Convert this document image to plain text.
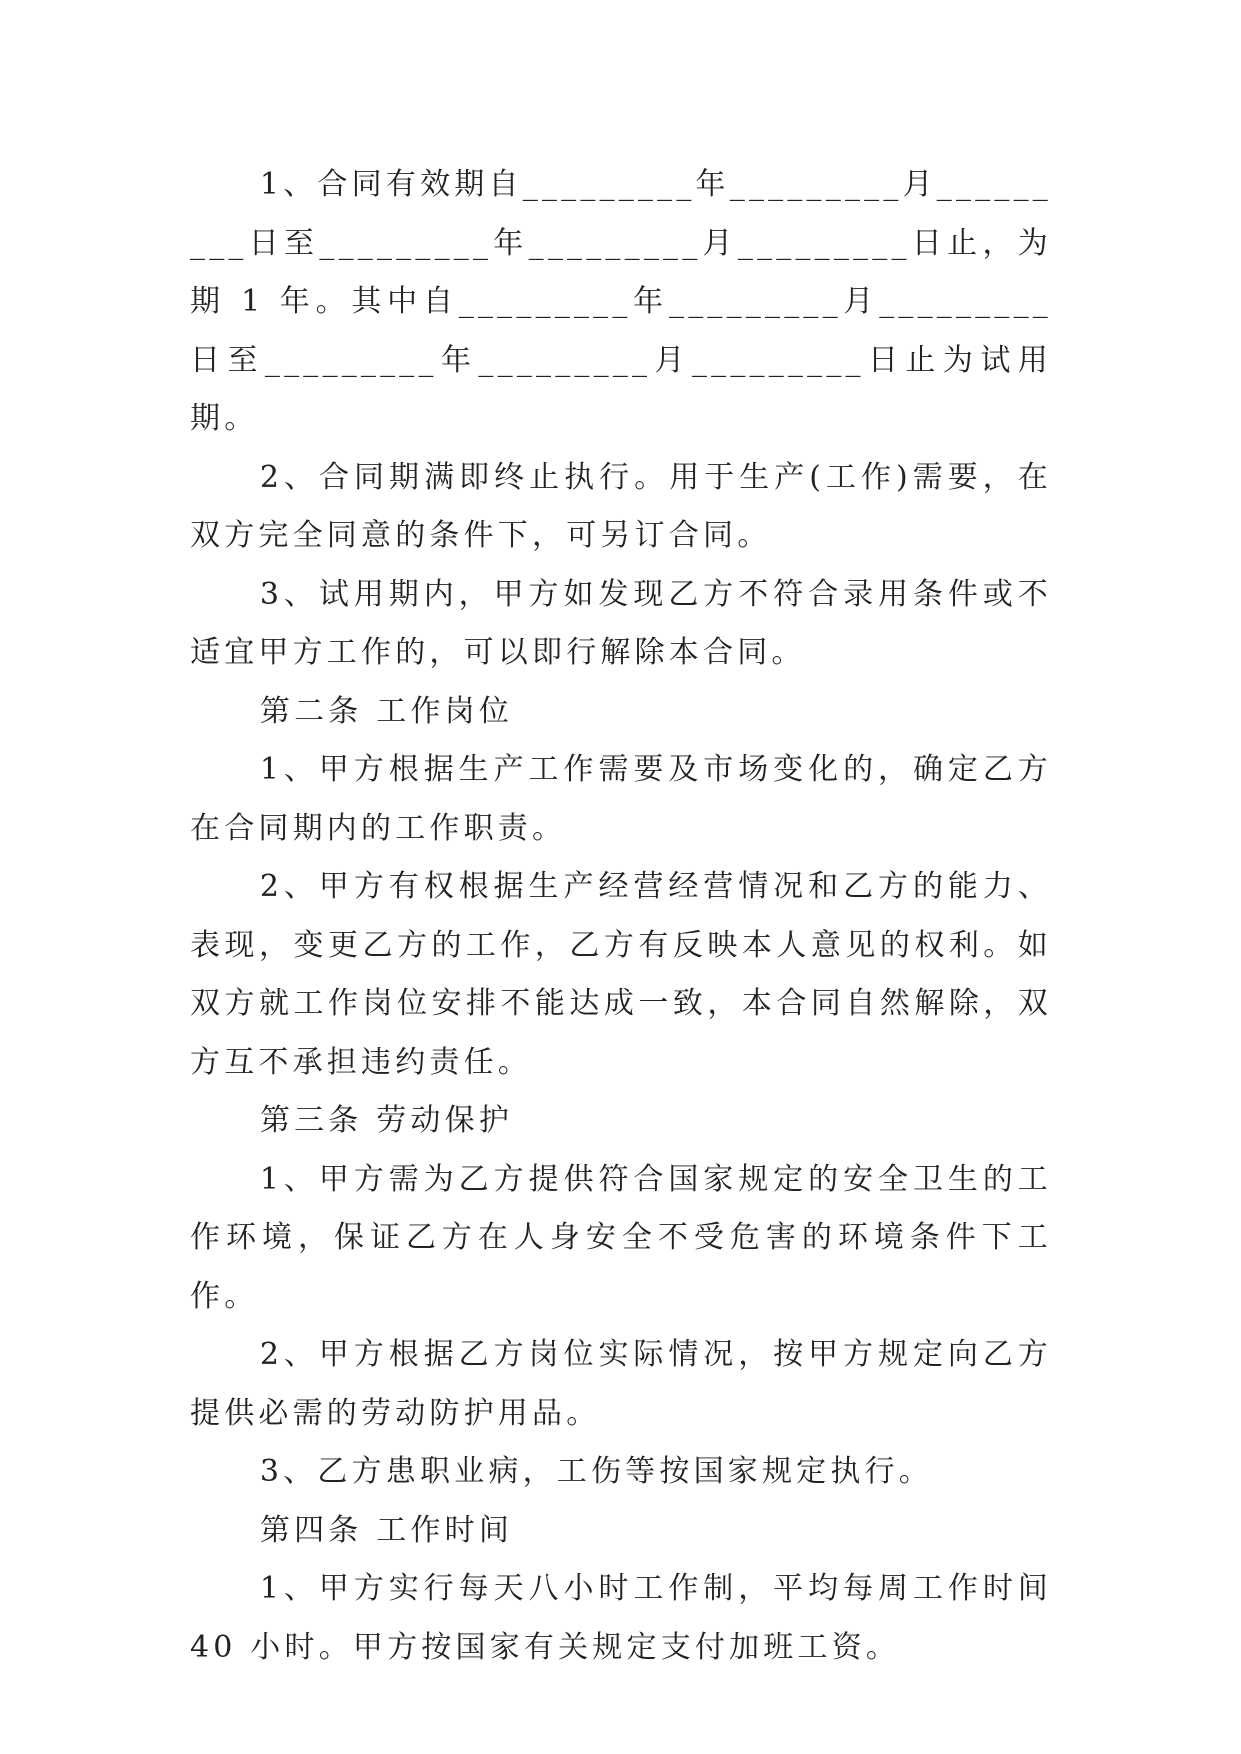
1、合同有效期自_________年_________月_________日至_________年_________月_________日止，为期 1 年。其中自_________年_________月_________日至_________年_________月_________日止为试用期。

2、合同期满即终止执行。用于生产(工作)需要，在双方完全同意的条件下，可另订合同。

3、试用期内，甲方如发现乙方不符合录用条件或不适宜甲方工作的，可以即行解除本合同。

第二条 工作岗位

1、甲方根据生产工作需要及市场变化的，确定乙方在合同期内的工作职责。

2、甲方有权根据生产经营经营情况和乙方的能力、表现，变更乙方的工作，乙方有反映本人意见的权利。如双方就工作岗位安排不能达成一致，本合同自然解除，双方互不承担违约责任。

第三条 劳动保护

1、甲方需为乙方提供符合国家规定的安全卫生的工作环境，保证乙方在人身安全不受危害的环境条件下工作。

2、甲方根据乙方岗位实际情况，按甲方规定向乙方提供必需的劳动防护用品。

3、乙方患职业病，工伤等按国家规定执行。

第四条 工作时间

1、甲方实行每天八小时工作制，平均每周工作时间 40 小时。甲方按国家有关规定支付加班工资。
